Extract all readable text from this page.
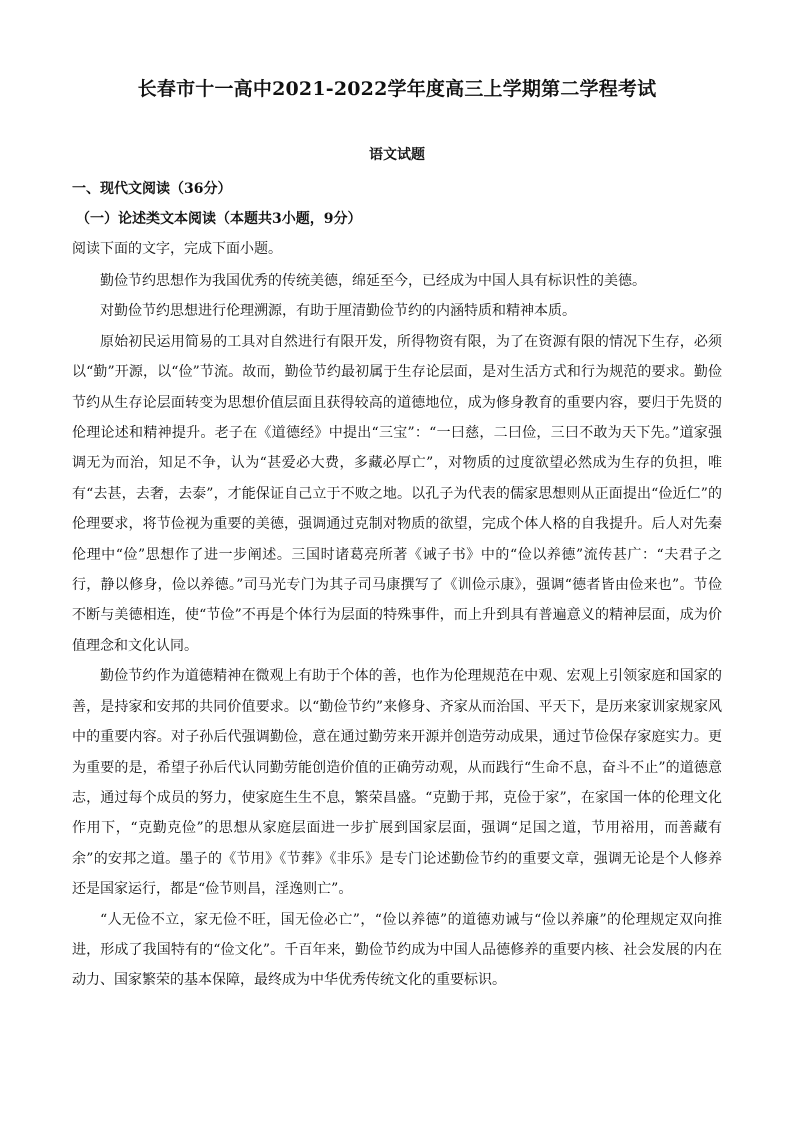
长春市十一高中2021-2022学年度高三上学期第二学程考试
语文试题
一、现代文阅读（36分）
（一）论述类文本阅读（本题共3小题，9分）
阅读下面的文字，完成下面小题。

勤俭节约思想作为我国优秀的传统美德，绵延至今，已经成为中国人具有标识性的美德。

对勤俭节约思想进行伦理溯源，有助于厘清勤俭节约的内涵特质和精神本质。

原始初民运用简易的工具对自然进行有限开发，所得物资有限，为了在资源有限的情况下生存，必须以“勤”开源，以“俭”节流。故而，勤俭节约最初属于生存论层面，是对生活方式和行为规范的要求。勤俭节约从生存论层面转变为思想价值层面且获得较高的道德地位，成为修身教育的重要内容，要归于先贤的伦理论述和精神提升。老子在《道德经》中提出“三宝”：“一曰慈，二曰俭，三曰不敢为天下先。”道家强调无为而治，知足不争，认为“甚爱必大费，多藏必厚亡”，对物质的过度欲望必然成为生存的负担，唯有“去甚，去奢，去泰”，才能保证自己立于不败之地。以孔子为代表的儒家思想则从正面提出“俭近仁”的伦理要求，将节俭视为重要的美德，强调通过克制对物质的欲望，完成个体人格的自我提升。后人对先秦伦理中“俭”思想作了进一步阐述。三国时诸葛亮所著《诫子书》中的“俭以养德”流传甚广：“夫君子之行，静以修身，俭以养德。”司马光专门为其子司马康撰写了《训俭示康》，强调“德者皆由俭来也”。节俭不断与美德相连，使“节俭”不再是个体行为层面的特殊事件，而上升到具有普遍意义的精神层面，成为价值理念和文化认同。

勤俭节约作为道德精神在微观上有助于个体的善，也作为伦理规范在中观、宏观上引领家庭和国家的善，是持家和安邦的共同价值要求。以“勤俭节约”来修身、齐家从而治国、平天下，是历来家训家规家风中的重要内容。对子孙后代强调勤俭，意在通过勤劳来开源并创造劳动成果，通过节俭保存家庭实力。更为重要的是，希望子孙后代认同勤劳能创造价值的正确劳动观，从而践行“生命不息，奋斗不止”的道德意志，通过每个成员的努力，使家庭生生不息，繁荣昌盛。“克勤于邦，克俭于家”，在家国一体的伦理文化作用下，“克勤克俭”的思想从家庭层面进一步扩展到国家层面，强调“足国之道，节用裕用，而善藏有余”的安邦之道。墨子的《节用》《节葬》《非乐》是专门论述勤俭节约的重要文章，强调无论是个人修养还是国家运行，都是“俭节则昌，淫逸则亡”。

“人无俭不立，家无俭不旺，国无俭必亡”，“俭以养德”的道德劝诫与“俭以养廉”的伦理规定双向推进，形成了我国特有的“俭文化”。千百年来，勤俭节约成为中国人品德修养的重要内核、社会发展的内在动力、国家繁荣的基本保障，最终成为中华优秀传统文化的重要标识。
